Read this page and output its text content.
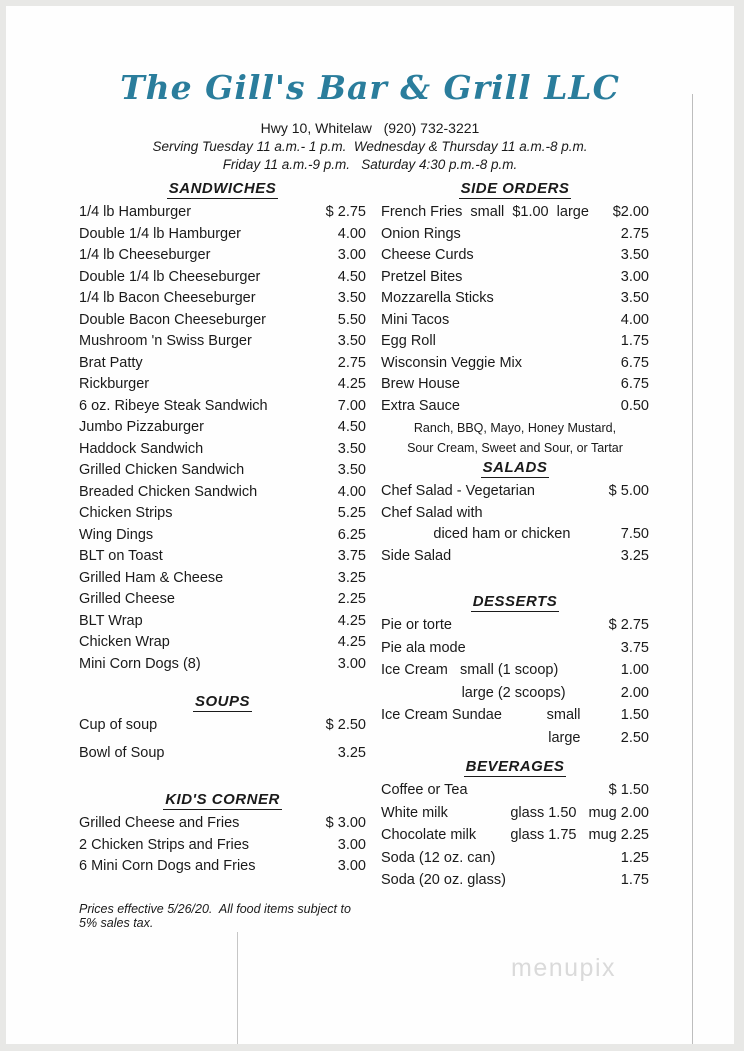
The Gill's Bar & Grill LLC
Hwy 10, Whitelaw   (920) 732-3221
Serving Tuesday 11 a.m.- 1 p.m.  Wednesday & Thursday 11 a.m.-8 p.m.
Friday 11 a.m.-9 p.m.   Saturday 4:30 p.m.-8 p.m.
SANDWICHES
1/4 lb Hamburger	$ 2.75
Double 1/4 lb Hamburger	4.00
1/4 lb Cheeseburger	3.00
Double 1/4 lb Cheeseburger	4.50
1/4 lb Bacon Cheeseburger	3.50
Double Bacon Cheeseburger	5.50
Mushroom 'n Swiss Burger	3.50
Brat Patty	2.75
Rickburger	4.25
6 oz. Ribeye Steak Sandwich	7.00
Jumbo Pizzaburger	4.50
Haddock Sandwich	3.50
Grilled Chicken Sandwich	3.50
Breaded Chicken Sandwich	4.00
Chicken Strips	5.25
Wing Dings	6.25
BLT on Toast	3.75
Grilled Ham & Cheese	3.25
Grilled Cheese	2.25
BLT Wrap	4.25
Chicken Wrap	4.25
Mini Corn Dogs (8)	3.00
SOUPS
Cup of soup	$ 2.50
Bowl of Soup	3.25
KID'S CORNER
Grilled Cheese and Fries	$ 3.00
2 Chicken Strips and Fries	3.00
6 Mini Corn Dogs and Fries	3.00
Prices effective 5/26/20.  All food items subject to 5% sales tax.
SIDE ORDERS
French Fries  small  $1.00  large $2.00
Onion Rings	2.75
Cheese Curds	3.50
Pretzel Bites	3.00
Mozzarella Sticks	3.50
Mini Tacos	4.00
Egg Roll	1.75
Wisconsin Veggie Mix	6.75
Brew House	6.75
Extra Sauce	0.50
Ranch, BBQ, Mayo, Honey Mustard,
Sour Cream, Sweet and Sour, or Tartar
SALADS
Chef Salad - Vegetarian	$ 5.00
Chef Salad with
diced ham or chicken	7.50
Side Salad	3.25
DESSERTS
Pie or torte	$ 2.75
Pie ala mode	3.75
Ice Cream   small (1 scoop)	1.00
large (2 scoops)	2.00
Ice Cream Sundae	small          1.50
large          2.50
BEVERAGES
Coffee or Tea	$ 1.50
White milk	glass 1.50   mug 2.00
Chocolate milk glass 1.75   mug 2.25
Soda (12 oz. can)	1.25
Soda (20 oz. glass)	1.75
menupix
